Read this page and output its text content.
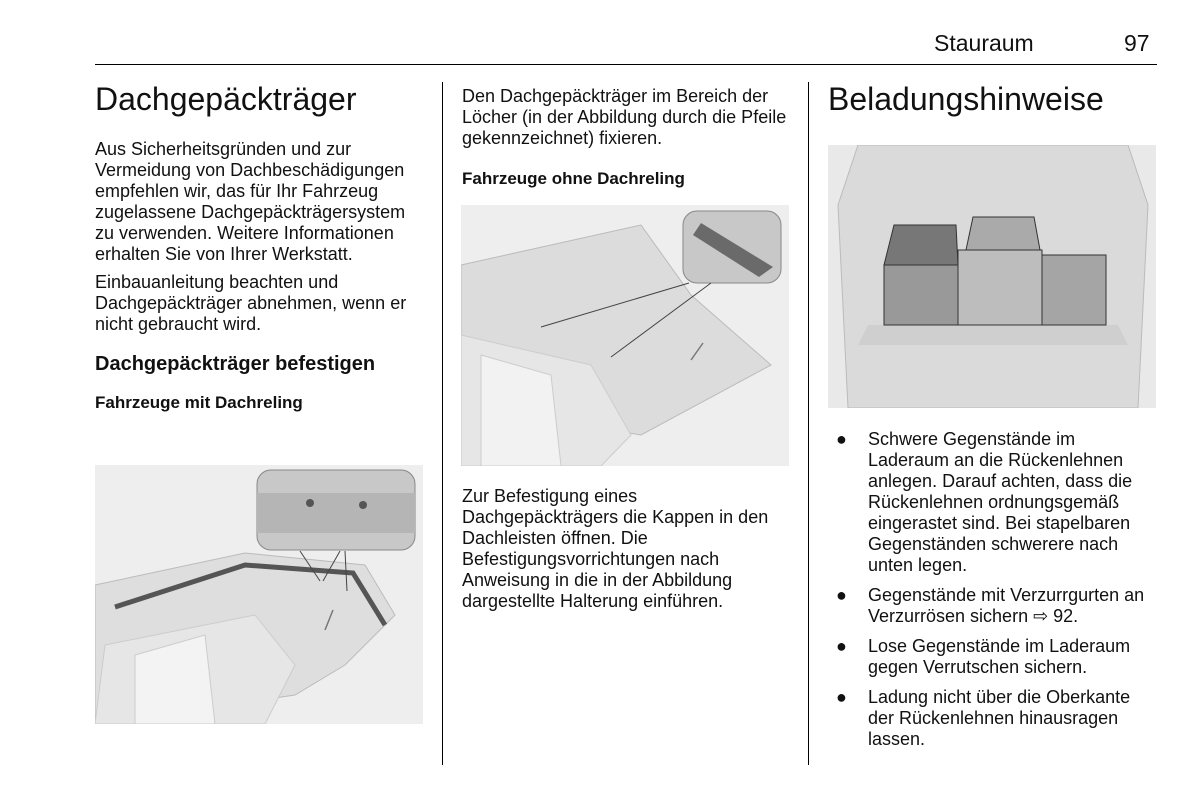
Stauraum	97
Dachgepäckträger

Aus Sicherheitsgründen und zur Vermeidung von Dachbeschädigungen empfehlen wir, das für Ihr Fahrzeug zugelassene Dachgepäckträgersystem zu verwenden. Weitere Informationen erhalten Sie von Ihrer Werkstatt.

Einbauanleitung beachten und Dachgepäckträger abnehmen, wenn er nicht gebraucht wird.

Dachgepäckträger befestigen
Fahrzeuge mit Dachreling

Den Dachgepäckträger im Bereich der Löcher (in der Abbildung durch die Pfeile gekennzeichnet) fixieren.

Fahrzeuge ohne Dachreling

Zur Befestigung eines Dachgepäckträgers die Kappen in den Dachleisten öffnen. Die Befestigungsvorrichtungen nach Anweisung in die in der Abbildung dargestellte Halterung einführen.

Beladungshinweise
● Schwere Gegenstände im Laderaum an die Rückenlehnen anlegen. Darauf achten, dass die Rückenlehnen ordnungsgemäß eingerastet sind. Bei stapelbaren Gegenständen schwerere nach unten legen.
● Gegenstände mit Verzurrgurten an Verzurrösen sichern ⇨ 92.
● Lose Gegenstände im Laderaum gegen Verrutschen sichern.
● Ladung nicht über die Oberkante der Rückenlehnen hinausragen lassen.
